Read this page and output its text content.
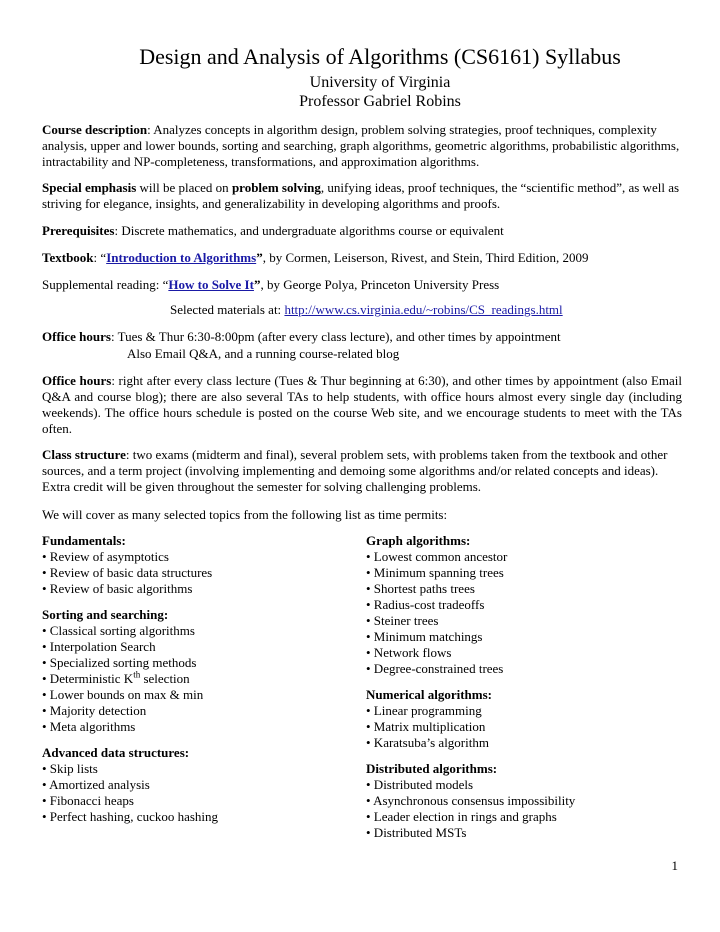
Design and Analysis of Algorithms (CS6161) Syllabus
University of Virginia
Professor Gabriel Robins
Course description: Analyzes concepts in algorithm design, problem solving strategies, proof techniques, complexity analysis, upper and lower bounds, sorting and searching, graph algorithms, geometric algorithms, probabilistic algorithms, intractability and NP-completeness, transformations, and approximation algorithms.
Special emphasis will be placed on problem solving, unifying ideas, proof techniques, the “scientific method”, as well as striving for elegance, insights, and generalizability in developing algorithms and proofs.
Prerequisites: Discrete mathematics, and undergraduate algorithms course or equivalent
Textbook: “Introduction to Algorithms”, by Cormen, Leiserson, Rivest, and Stein, Third Edition, 2009
Supplemental reading: “How to Solve It”, by George Polya, Princeton University Press
Selected materials at: http://www.cs.virginia.edu/~robins/CS_readings.html
Office hours: Tues & Thur 6:30-8:00pm (after every class lecture), and other times by appointment
Also Email Q&A, and a running course-related blog
Office hours: right after every class lecture (Tues & Thur beginning at 6:30), and other times by appointment (also Email Q&A and course blog); there are also several TAs to help students, with office hours almost every single day (including weekends). The office hours schedule is posted on the course Web site, and we encourage students to meet with the TAs often.
Class structure: two exams (midterm and final), several problem sets, with problems taken from the textbook and other sources, and a term project (involving implementing and demoing some algorithms and/or related concepts and ideas). Extra credit will be given throughout the semester for solving challenging problems.
We will cover as many selected topics from the following list as time permits:
Fundamentals:
• Review of asymptotics
• Review of basic data structures
• Review of basic algorithms
Sorting and searching:
• Classical sorting algorithms
• Interpolation Search
• Specialized sorting methods
• Deterministic $K^{th}$ selection
• Lower bounds on max & min
• Majority detection
• Meta algorithms
Advanced data structures:
• Skip lists
• Amortized analysis
• Fibonacci heaps
• Perfect hashing, cuckoo hashing
Graph algorithms:
• Lowest common ancestor
• Minimum spanning trees
• Shortest paths trees
• Radius-cost tradeoffs
• Steiner trees
• Minimum matchings
• Network flows
• Degree-constrained trees
Numerical algorithms:
• Linear programming
• Matrix multiplication
• Karatsuba’s algorithm
Distributed algorithms:
• Distributed models
• Asynchronous consensus impossibility
• Leader election in rings and graphs
• Distributed MSTs
1
